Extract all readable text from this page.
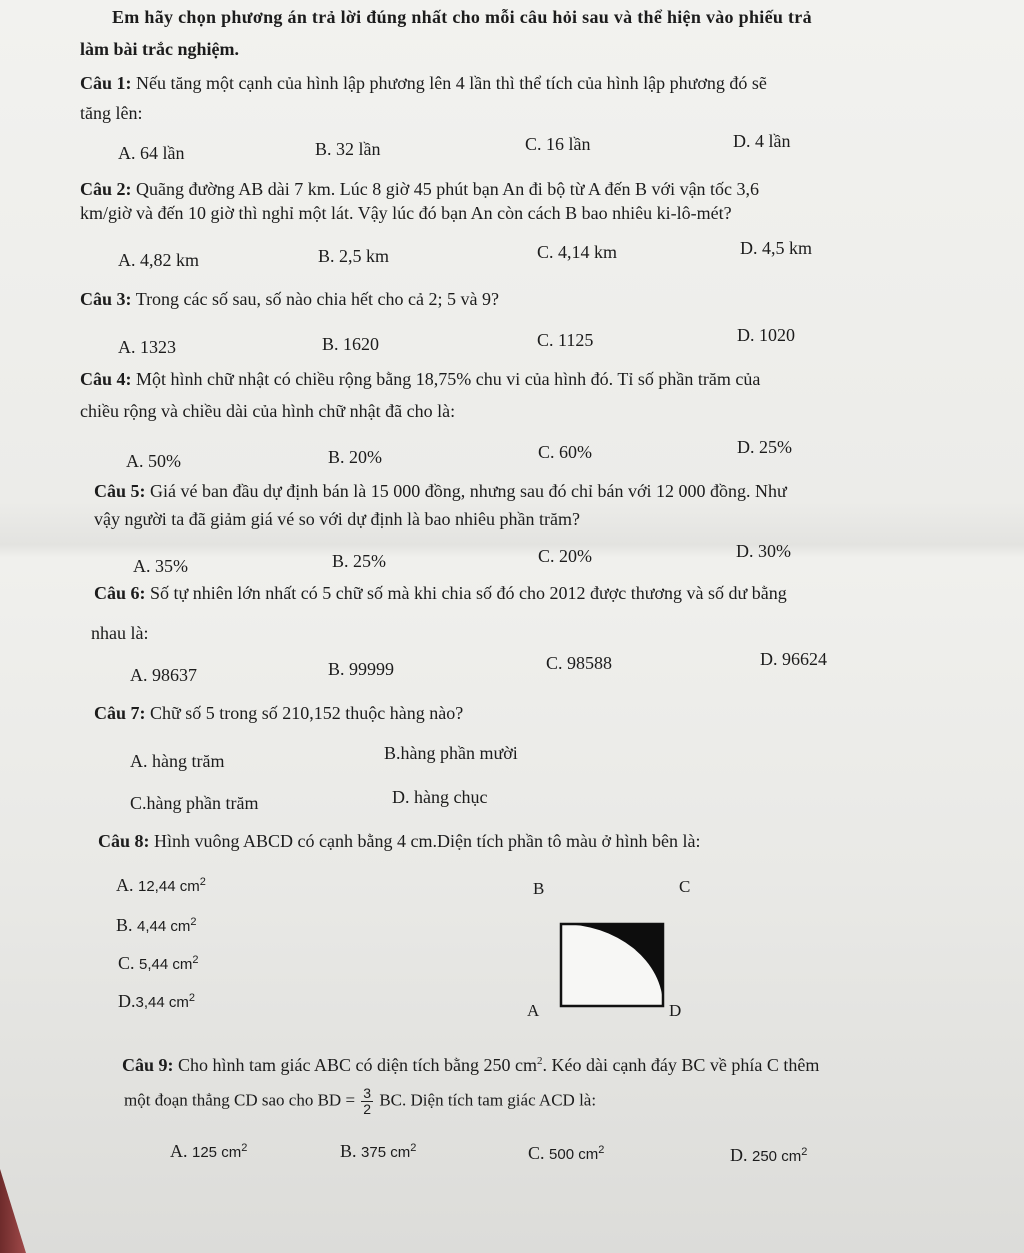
Em hãy chọn phương án trả lời đúng nhất cho mỗi câu hỏi sau và thể hiện vào phiếu trả
làm bài trắc nghiệm.
Câu 1: Nếu tăng một cạnh của hình lập phương lên 4 lần thì thể tích của hình lập phương đó sẽ
tăng lên:
A. 64 lần	B. 32 lần	C. 16 lần	D. 4 lần
Câu 2: Quãng đường AB dài 7 km. Lúc 8 giờ 45 phút bạn An đi bộ từ A đến B với vận tốc 3,6
km/giờ và đến 10 giờ thì nghỉ một lát. Vậy lúc đó bạn An còn cách B bao nhiêu ki-lô-mét?
A. 4,82 km	B. 2,5 km	C. 4,14 km	D. 4,5 km
Câu 3: Trong các số sau, số nào chia hết cho cả 2; 5 và 9?
A. 1323	B. 1620	C. 1125	D. 1020
Câu 4: Một hình chữ nhật có chiều rộng bằng 18,75% chu vi của hình đó. Tỉ số phần trăm của
chiều rộng và chiều dài của hình chữ nhật đã cho là:
A. 50%	B. 20%	C. 60%	D. 25%
Câu 5: Giá vé ban đầu dự định bán là 15 000 đồng, nhưng sau đó chỉ bán với 12 000 đồng. Như
vậy người ta đã giảm giá vé so với dự định là bao nhiêu phần trăm?
A. 35%	B. 25%	C. 20%	D. 30%
Câu 6: Số tự nhiên lớn nhất có 5 chữ số mà khi chia số đó cho 2012 được thương và số dư bằng
nhau là:
A. 98637	B. 99999	C. 98588	D. 96624
Câu 7: Chữ số 5 trong số 210,152 thuộc hàng nào?
A. hàng trăm	B.hàng phần mười
C.hàng phần trăm	D. hàng chục
Câu 8: Hình vuông ABCD có cạnh bằng 4 cm.Diện tích phần tô màu ở hình bên là:
A. 12,44 $cm^2$
B. 4,44 $cm^2$
C. 5,44 $cm^2$
D.3,44 $cm^2$
B	C
A	D
Câu 9: Cho hình tam giác ABC có diện tích bằng 250 $cm^2$. Kéo dài cạnh đáy BC về phía C thêm
một đoạn thẳng CD sao cho BD = $\frac{3}{2}$ BC. Diện tích tam giác ACD là:
A. 125 $cm^2$	B. 375 $cm^2$	C. 500 $cm^2$	D. 250 $cm^2$
